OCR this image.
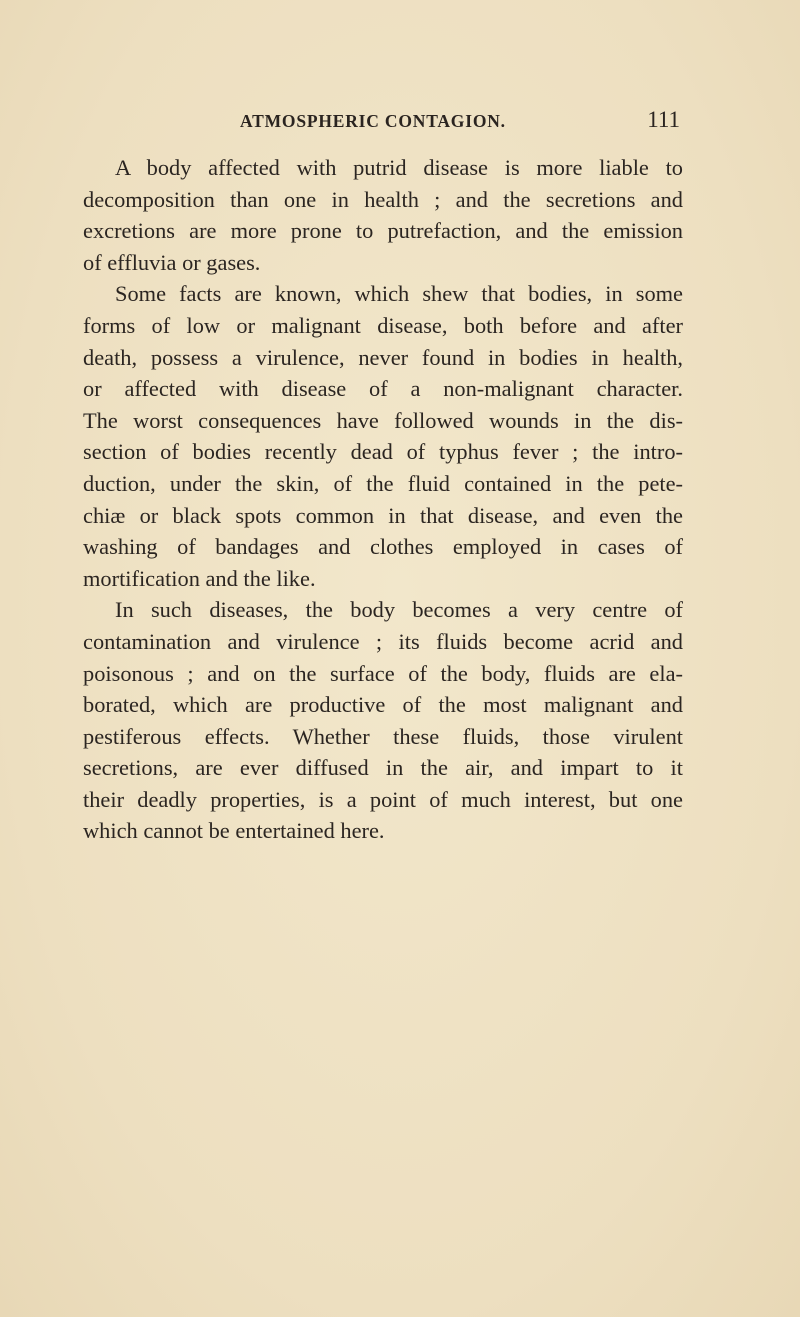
ATMOSPHERIC CONTAGION.	111
A body affected with putrid disease is more liable to
decomposition than one in health ; and the secretions and
excretions are more prone to putrefaction, and the emission
of effluvia or gases.
Some facts are known, which shew that bodies, in some
forms of low or malignant disease, both before and after
death, possess a virulence, never found in bodies in health,
or affected with disease of a non-malignant character.
The worst consequences have followed wounds in the dis-
section of bodies recently dead of typhus fever ; the intro-
duction, under the skin, of the fluid contained in the pete-
chiæ or black spots common in that disease, and even the
washing of bandages and clothes employed in cases of
mortification and the like.
In such diseases, the body becomes a very centre of
contamination and virulence ; its fluids become acrid and
poisonous ; and on the surface of the body, fluids are ela-
borated, which are productive of the most malignant and
pestiferous effects. Whether these fluids, those virulent
secretions, are ever diffused in the air, and impart to it
their deadly properties, is a point of much interest, but one
which cannot be entertained here.
